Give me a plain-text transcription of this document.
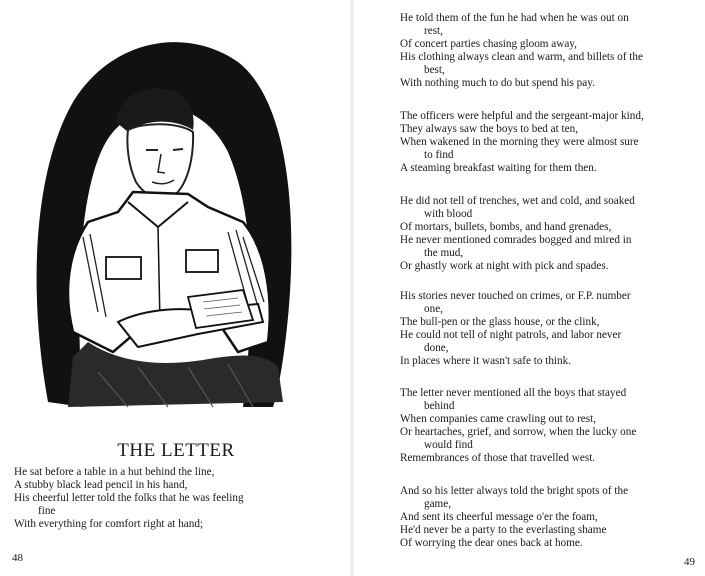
THE LETTER
He sat before a table in a hut behind the line,
A stubby black lead pencil in his hand,
His cheerful letter told the folks that he was feeling
fine
With everything for comfort right at hand;
48
He told them of the fun he had when he was out on
rest,
Of concert parties chasing gloom away,
His clothing always clean and warm, and billets of the
best,
With nothing much to do but spend his pay.
The officers were helpful and the sergeant-major kind,
They always saw the boys to bed at ten,
When wakened in the morning they were almost sure
to find
A steaming breakfast waiting for them then.
He did not tell of trenches, wet and cold, and soaked
with blood
Of mortars, bullets, bombs, and hand grenades,
He never mentioned comrades bogged and mired in
the mud,
Or ghastly work at night with pick and spades.
His stories never touched on crimes, or F.P. number
one,
The bull-pen or the glass house, or the clink,
He could not tell of night patrols, and labor never
done,
In places where it wasn't safe to think.
The letter never mentioned all the boys that stayed
behind
When companies came crawling out to rest,
Or heartaches, grief, and sorrow, when the lucky one
would find
Remembrances of those that travelled west.
And so his letter always told the bright spots of the
game,
And sent its cheerful message o'er the foam,
He'd never be a party to the everlasting shame
Of worrying the dear ones back at home.
49
